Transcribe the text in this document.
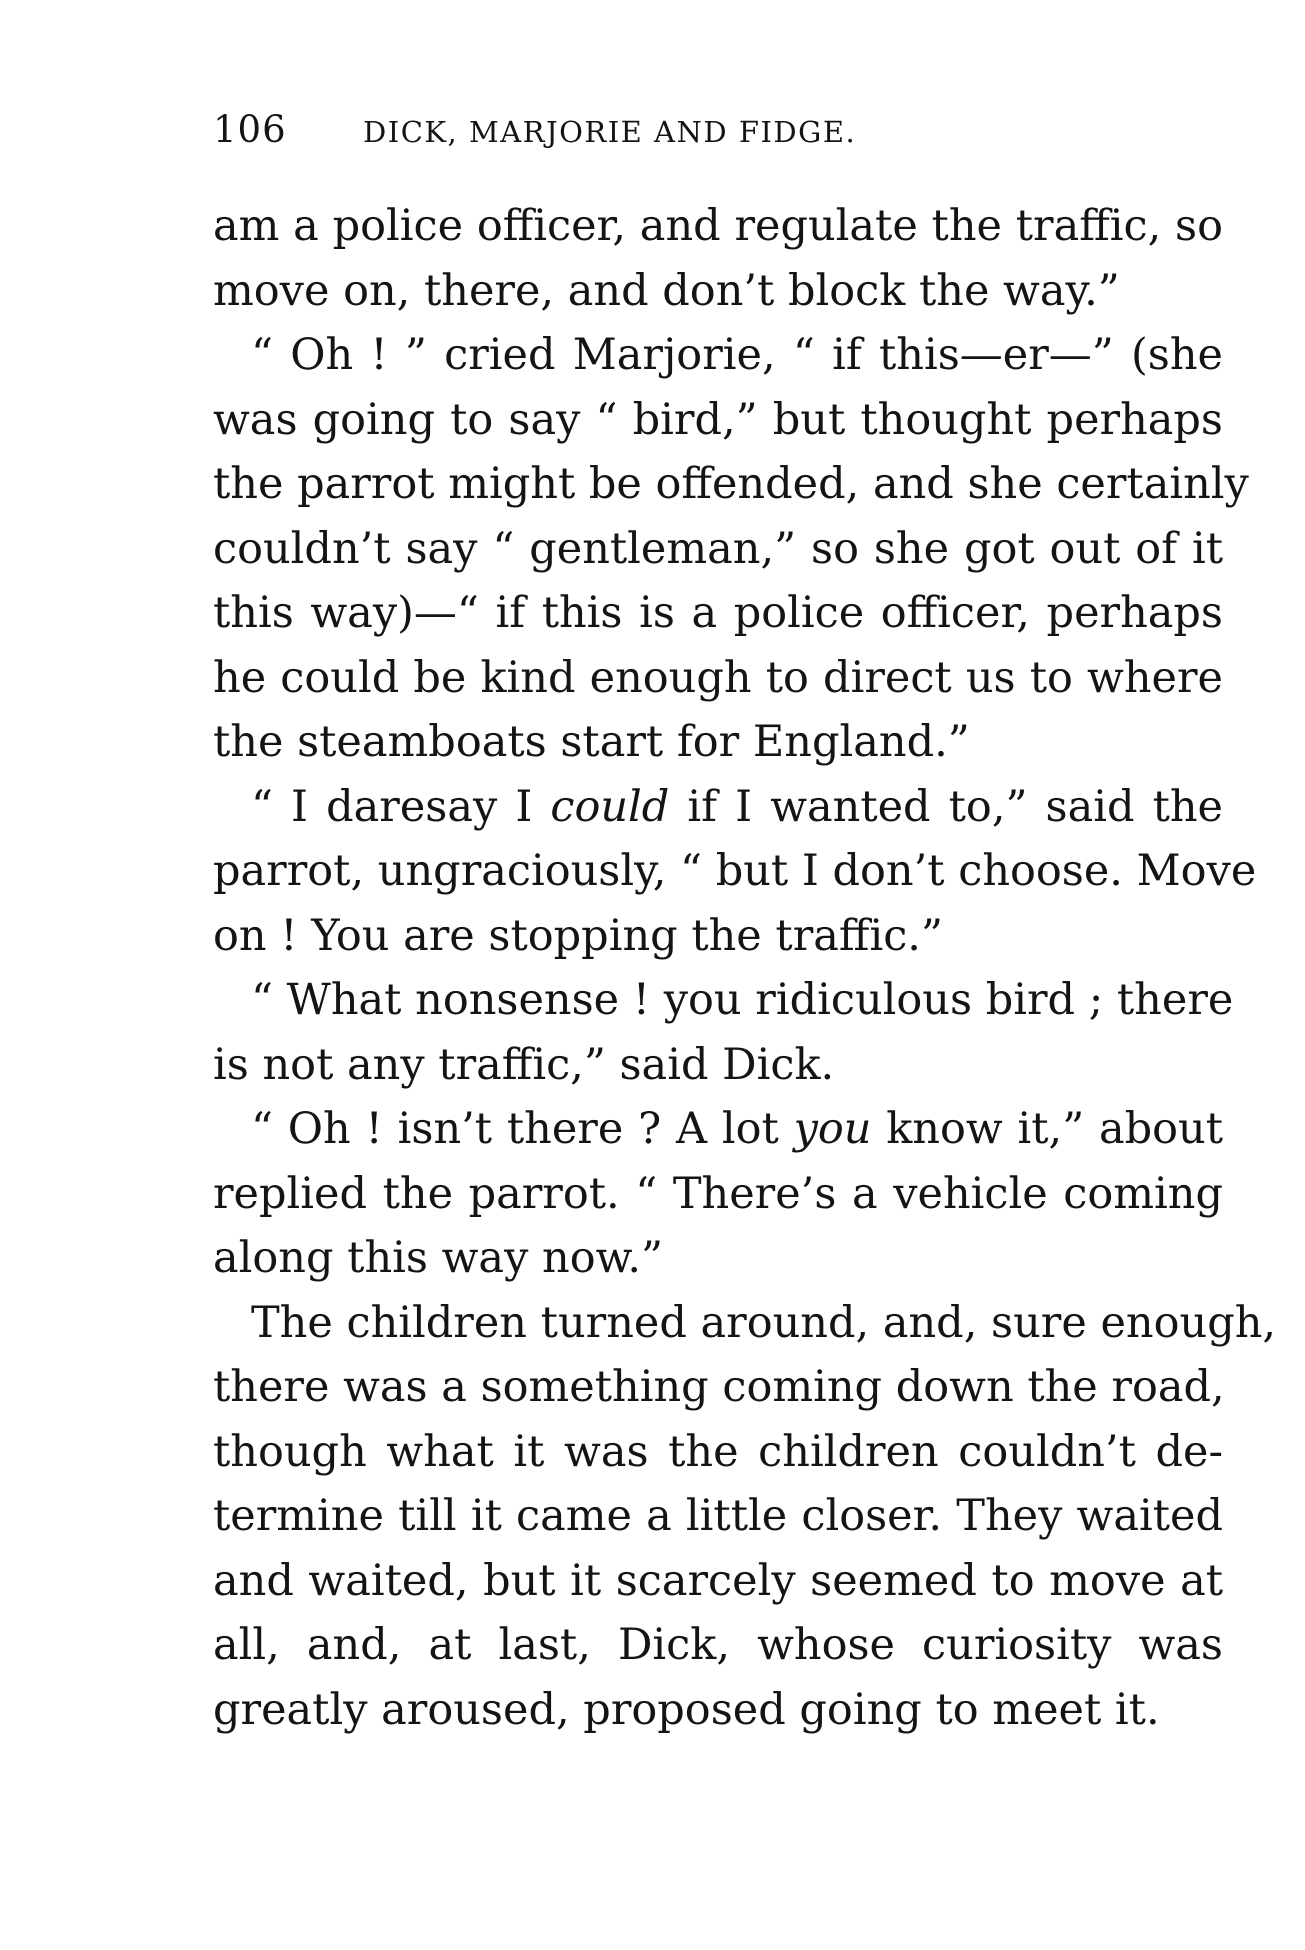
106	DICK, MARJORIE AND FIDGE.
am a police officer, and regulate the traffic, so
move on, there, and don’t block the way.”
“ Oh ! ” cried Marjorie, “ if this—er—” (she
was going to say “ bird,” but thought perhaps
the parrot might be offended, and she certainly
couldn’t say “ gentleman,” so she got out of it
this way)—“ if this is a police officer, perhaps
he could be kind enough to direct us to where
the steamboats start for England.”
“ I daresay I could if I wanted to,” said the
parrot, ungraciously, “ but I don’t choose. Move
on ! You are stopping the traffic.”
“ What nonsense ! you ridiculous bird ; there
is not any traffic,” said Dick.
“ Oh ! isn’t there ? A lot you know it,” about
replied the parrot. “ There’s a vehicle coming
along this way now.”
The children turned around, and, sure enough,
there was a something coming down the road,
though what it was the children couldn’t de-
termine till it came a little closer. They waited
and waited, but it scarcely seemed to move at
all, and, at last, Dick, whose curiosity was
greatly aroused, proposed going to meet it.
